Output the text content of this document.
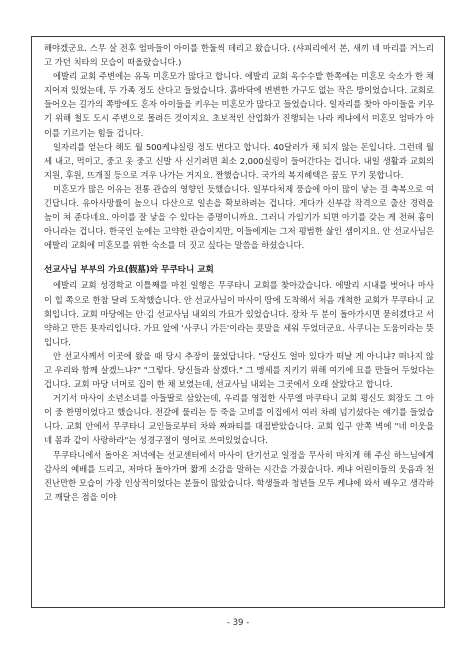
해야겠군요. 스무 살 전후 엄마들이 아이를 한둘씩 데리고 왔습니다. (샤피리에서 본, 새끼 네 마리를 거느리고 가던 치타의 모습이 떠올랐습니다.)

에발리 교회 주변에는 유독 미혼모가 많다고 합니다. 에발리 교회 옥수수밭 한쪽에는 미혼모 숙소가 한 채 지어져 있었는데, 두 가족 정도 산다고 들었습니다. 흙바닥에 변변한 가구도 없는 작은 방이었습니다. 교회로 들어오는 길가의 쪽방에도 혼자 아이들을 키우는 미혼모가 많다고 들었습니다. 일자리를 찾아 아이들을 키우기 위해 철도 도시 주변으로 몰려든 것이지요. 초보적인 산업화가 진행되는 나라 케냐에서 미혼모 엄마가 아이를 기르기는 힘들 겁니다.

일자리를 얻는다 해도 월 500케냐실링 정도 번다고 합니다. 40달러가 채 되지 않는 돈입니다. 그런데 월세 내고, 먹이고, 중고 옷 중고 신발 사 신기려면 최소 2,000실링이 들어간다는 겁니다. 내일 생활과 교회의 지원, 후원, 뜨개질 등으로 겨우 나가는 거지요. 짠했습니다. 국가의 복지혜택은 꿈도 꾸기 못합니다.

미혼모가 많은 이유는 전통 관습의 영향인 듯했습니다. 일부다처제 풍습에 아이 많이 낳는 걸 축복으로 여긴답니다. 유아사망률이 높으니 다산으로 일손을 확보하려는 겁니다. 게다가 신부감 작격으로 출산 경력을 높이 쳐 준다네요. 아이를 잘 낳을 수 있다는 증명이니까요. 그러니 가임기가 되면 아기를 갖는 게 전혀 흉이 아니라는 겁니다. 한국인 눈에는 고약한 관습이지만, 이들에게는 그저 평범한 삶인 셈이지요. 안 선교사님은 에발리 교회에 미혼모를 위한 숙소를 더 짓고 싶다는 말씀을 하셨습니다.

선교사님 부부의 가요(假墓)와 무쿠타니 교회

에발리 교회 성경학교 이틀째를 마친 일행은 무쿠타니 교회를 찾아갔습니다. 에발리 시내를 벗어나 마사이 힐 쪽으로 한참 달려 도착했습니다. 안 선교사님이 마사이 땅에 도착해서 처음 개척한 교회가 무쿠타니 교회입니다. 교회 마당에는 안·김 선교사님 내외의 가묘가 있었습니다. 장차 두 분이 돌아가시면 묻히겠다고 서약하고 만든 묫자리입니다. 가묘 앞에 '사쿠니 가든'이라는 푯말을 세워 두었더군요. 사쿠니는 도움이라는 뜻입니다.

안 선교사께서 이곳에 왔을 때 당시 추장이 물었답니다. "당신도 얼마 있다가 떠날 게 아니냐? 떠나지 않고 우리와 함께 살겠느냐?" "그렇다. 당신들과 살겠다." 그 맹세를 지키기 위해 여기에 묘를 만들어 두었다는 겁니다. 교회 마당 너머로 집이 한 채 보였는데, 선교사님 내외는 그곳에서 오래 살았다고 합니다.

거기서 마사이 소년소녀를 아들딸로 삼았는데, 우리를 영접한 사무엘 마쿠타니 교회 평신도 회장도 그 아이 중 한명이었다고 했습니다. 전갈에 물리는 등 죽을 고비를 이집에서 여러 차례 넘기셨다는 얘기를 들었습니다. 교회 안에서 무쿠타니 교인들로부터 차와 짜파티를 대접받았습니다. 교회 입구 안쪽 벽에 "네 이웃을 네 몸과 같이 사랑하라"는 성경구절이 영어로 쓰여있었습니다.

무쿠타니에서 돌아온 저녁에는 선교센터에서 마사이 단기선교 일정을 무사히 마치게 해 주신 하느님에게 감사의 예배를 드리고, 저마다 돌아가며 짧게 소감을 말하는 시간을 가졌습니다. 케냐 어린이들의 웃음과 천진난만한 모습이 가장 인상적이었다는 분들이 많았습니다. 학생들과 청년들 모두 케냐에 와서 배우고 생각하고 깨달은 점을 이야

- 39 -
